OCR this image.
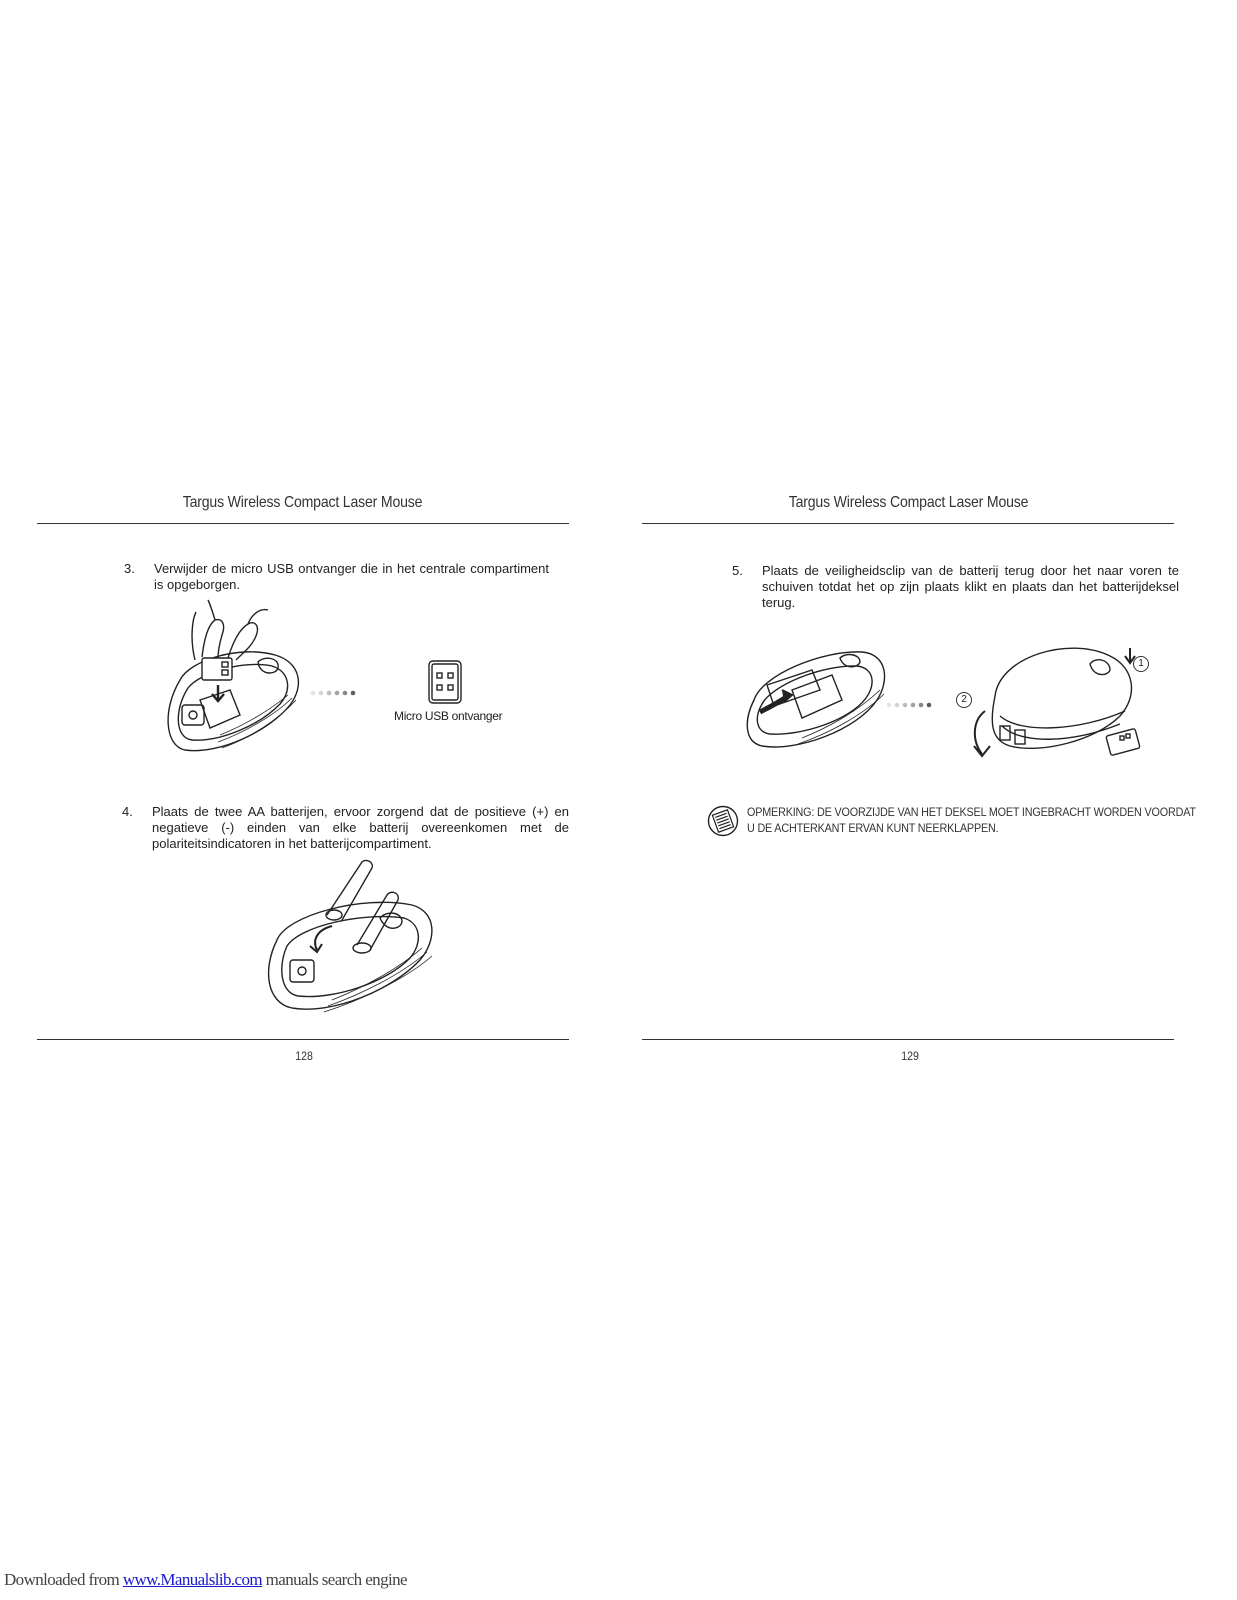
Targus Wireless Compact Laser Mouse
3. Verwijder de micro USB ontvanger die in het centrale compartiment is opgeborgen.
Micro USB ontvanger
4. Plaats de twee AA batterijen, ervoor zorgend dat de positieve (+) en negatieve (-) einden van elke batterij overeenkomen met de polariteitsindicatoren in het batterijcompartiment.
128
Targus Wireless Compact Laser Mouse
5. Plaats de veiligheidsclip van de batterij terug door het naar voren te schuiven totdat het op zijn plaats klikt en plaats dan het batterijdeksel terug.
1
2
OPMERKING: DE VOORZIJDE VAN HET DEKSEL MOET INGEBRACHT WORDEN VOORDAT
U DE ACHTERKANT ERVAN KUNT NEERKLAPPEN.
129
Downloaded from www.Manualslib.com manuals search engine
